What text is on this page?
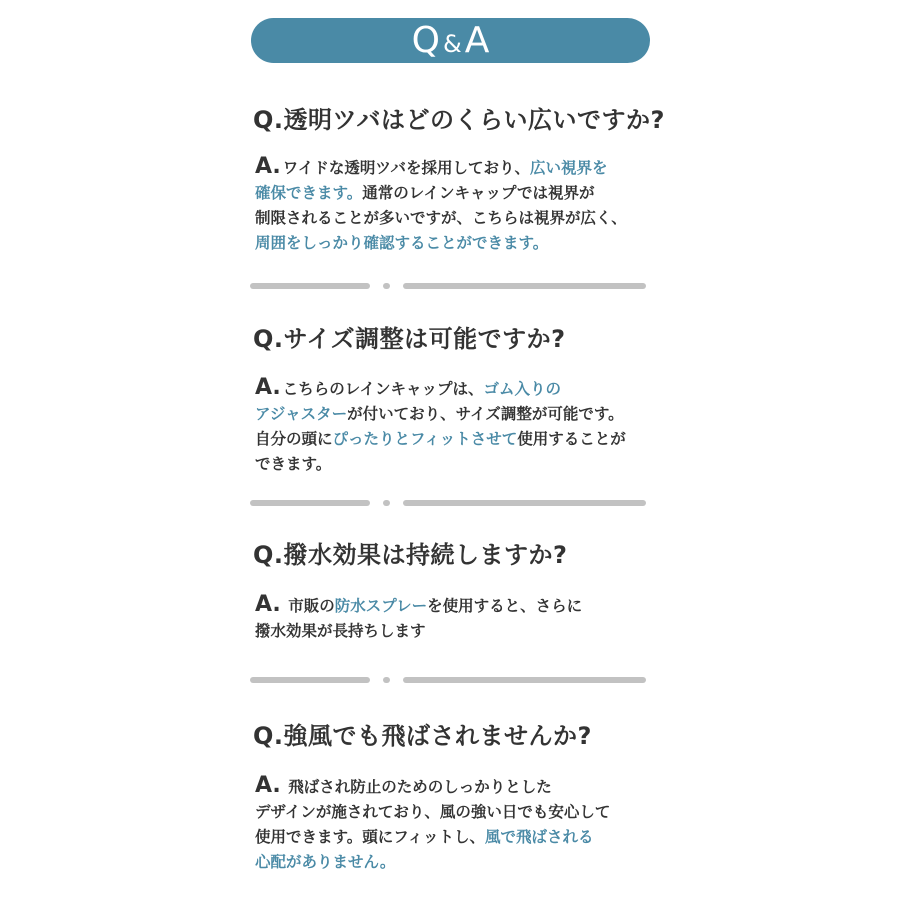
Q & A
Q.透明ツバはどのくらい広いですか?
A. ワイドな透明ツバを採用しており、広い視界を
確保できます。通常のレインキャップでは視界が
制限されることが多いですが、こちらは視界が広く、
周囲をしっかり確認することができます。
Q.サイズ調整は可能ですか?
A. こちらのレインキャップは、ゴム入りの
アジャスターが付いており、サイズ調整が可能です。
自分の頭にぴったりとフィットさせて使用することが
できます。
Q.撥水効果は持続しますか?
A. 市販の防水スプレーを使用すると、さらに
撥水効果が長持ちします
Q.強風でも飛ばされませんか?
A. 飛ばされ防止のためのしっかりとした
デザインが施されており、風の強い日でも安心して
使用できます。頭にフィットし、風で飛ばされる
心配がありません。
